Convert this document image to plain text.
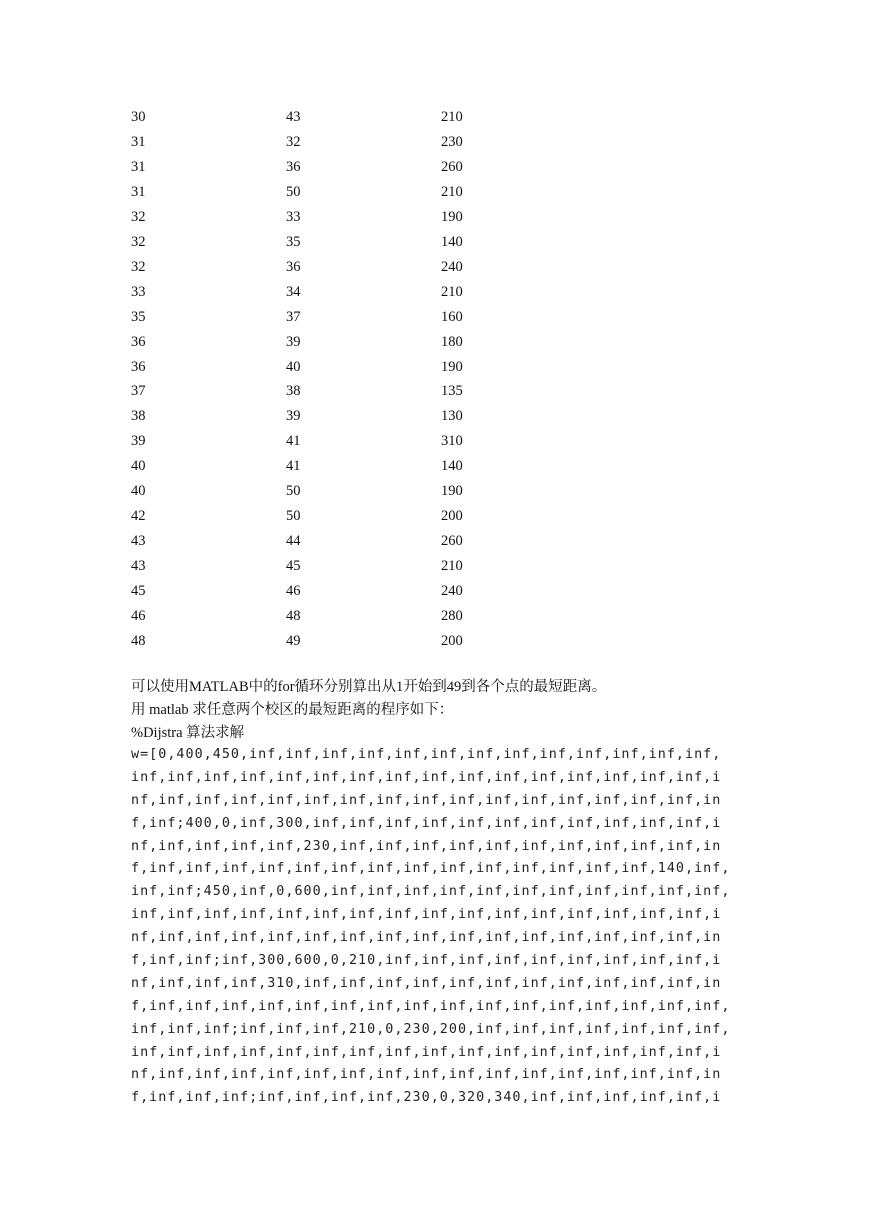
30	43	210
31	32	230
31	36	260
31	50	210
32	33	190
32	35	140
32	36	240
33	34	210
35	37	160
36	39	180
36	40	190
37	38	135
38	39	130
39	41	310
40	41	140
40	50	190
42	50	200
43	44	260
43	45	210
45	46	240
46	48	280
48	49	200
可以使用MATLAB中的for循环分别算出从1开始到49到各个点的最短距离。
用 matlab 求任意两个校区的最短距离的程序如下：
%Dijstra 算法求解
w=[0,400,450,inf,inf,inf,inf,inf,inf,inf,inf,inf,inf,inf,inf,inf,
inf,inf,inf,inf,inf,inf,inf,inf,inf,inf,inf,inf,inf,inf,inf,inf,i
nf,inf,inf,inf,inf,inf,inf,inf,inf,inf,inf,inf,inf,inf,inf,inf,in
f,inf;400,0,inf,300,inf,inf,inf,inf,inf,inf,inf,inf,inf,inf,inf,i
nf,inf,inf,inf,inf,230,inf,inf,inf,inf,inf,inf,inf,inf,inf,inf,in
f,inf,inf,inf,inf,inf,inf,inf,inf,inf,inf,inf,inf,inf,inf,140,inf,
inf,inf;450,inf,0,600,inf,inf,inf,inf,inf,inf,inf,inf,inf,inf,inf,
inf,inf,inf,inf,inf,inf,inf,inf,inf,inf,inf,inf,inf,inf,inf,inf,i
nf,inf,inf,inf,inf,inf,inf,inf,inf,inf,inf,inf,inf,inf,inf,inf,in
f,inf,inf;inf,300,600,0,210,inf,inf,inf,inf,inf,inf,inf,inf,inf,i
nf,inf,inf,inf,310,inf,inf,inf,inf,inf,inf,inf,inf,inf,inf,inf,in
f,inf,inf,inf,inf,inf,inf,inf,inf,inf,inf,inf,inf,inf,inf,inf,inf,
inf,inf,inf;inf,inf,inf,210,0,230,200,inf,inf,inf,inf,inf,inf,inf,
inf,inf,inf,inf,inf,inf,inf,inf,inf,inf,inf,inf,inf,inf,inf,inf,i
nf,inf,inf,inf,inf,inf,inf,inf,inf,inf,inf,inf,inf,inf,inf,inf,in
f,inf,inf,inf;inf,inf,inf,inf,230,0,320,340,inf,inf,inf,inf,inf,i
